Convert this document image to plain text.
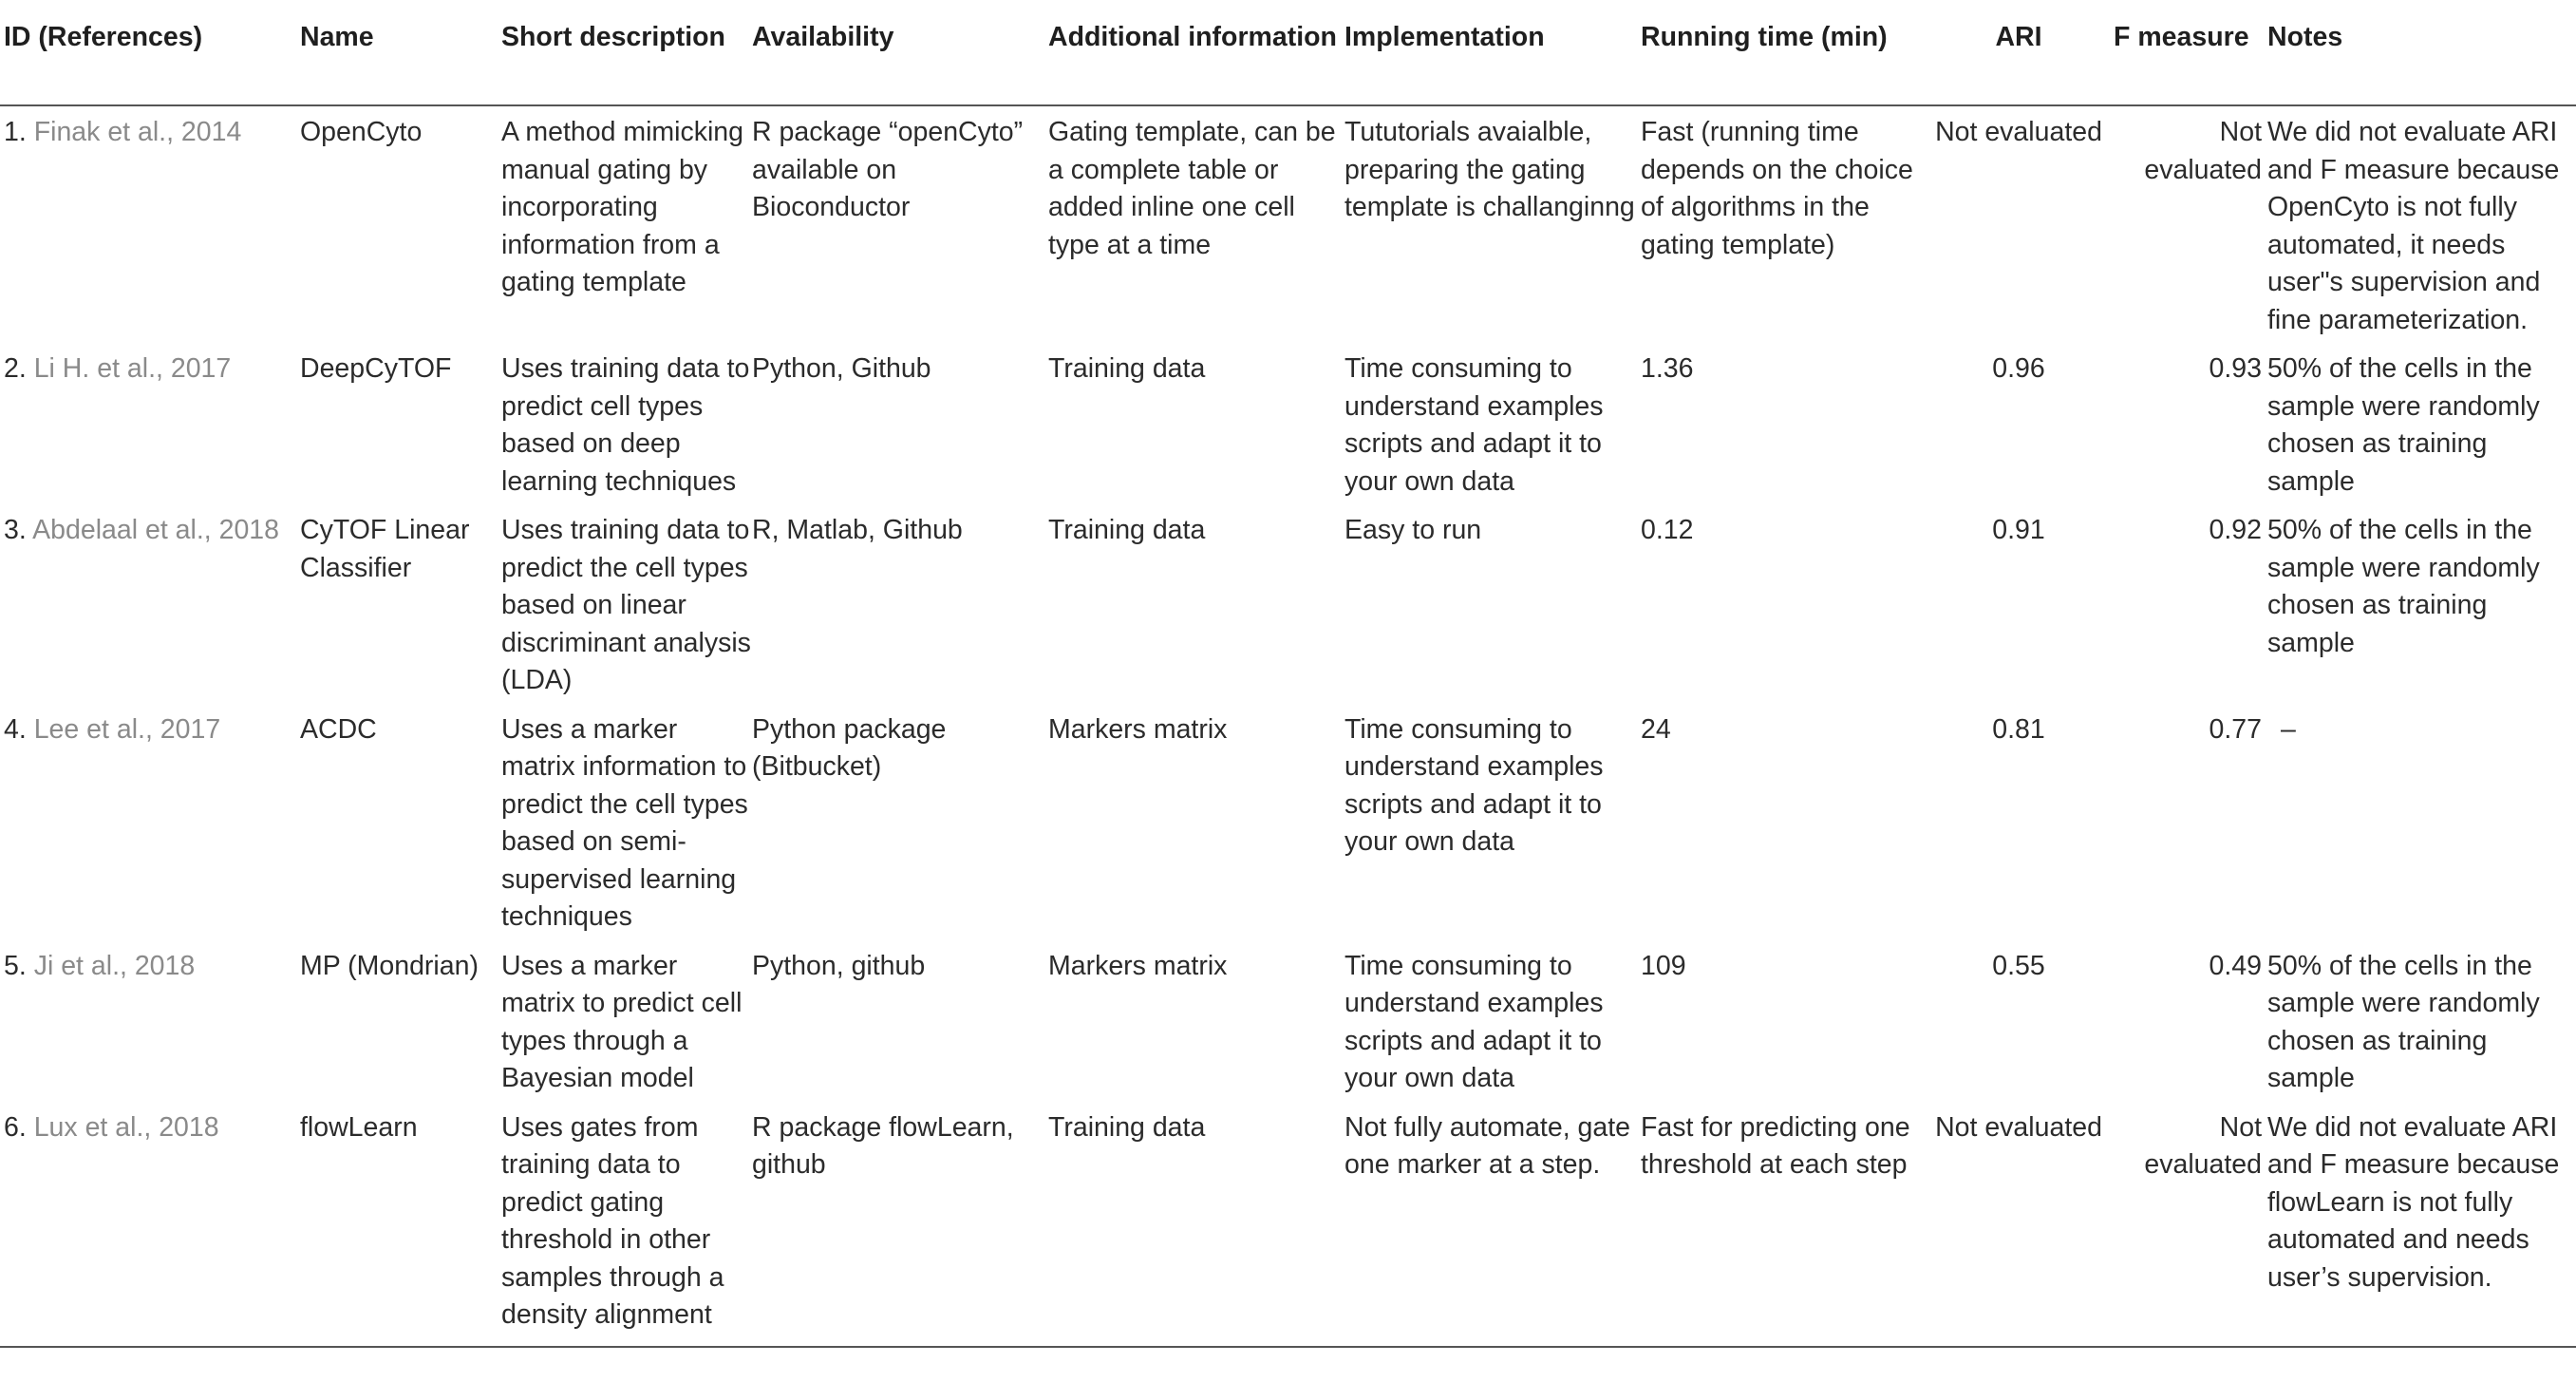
ID (References)	Name	Short description	Availability	Additional information	Implementation	Running time (min)	ARI	F measure	Notes
1. Finak et al., 2014	OpenCyto	A method mimicking manual gating by incorporating information from a gating template	R package “openCyto” available on Bioconductor	Gating template, can be a complete table or added inline one cell type at a time	Tututorials avaialble, preparing the gating template is challanginng	Fast (running time depends on the choice of algorithms in the gating template)	Not evaluated	Not evaluated	We did not evaluate ARI and F measure because OpenCyto is not fully automated, it needs user"s supervision and fine parameterization.
2. Li H. et al., 2017	DeepCyTOF	Uses training data to predict cell types based on deep learning techniques	Python, Github	Training data	Time consuming to understand examples scripts and adapt it to your own data	1.36	0.96	0.93	50% of the cells in the sample were randomly chosen as training sample
3. Abdelaal et al., 2018	CyTOF Linear Classifier	Uses training data to predict the cell types based on linear discriminant analysis (LDA)	R, Matlab, Github	Training data	Easy to run	0.12	0.91	0.92	50% of the cells in the sample were randomly chosen as training sample
4. Lee et al., 2017	ACDC	Uses a marker matrix information to predict the cell types based on semi-supervised learning techniques	Python package (Bitbucket)	Markers matrix	Time consuming to understand examples scripts and adapt it to your own data	24	0.81	0.77	–
5. Ji et al., 2018	MP (Mondrian)	Uses a marker matrix to predict cell types through a Bayesian model	Python, github	Markers matrix	Time consuming to understand examples scripts and adapt it to your own data	109	0.55	0.49	50% of the cells in the sample were randomly chosen as training sample
6. Lux et al., 2018	flowLearn	Uses gates from training data to predict gating threshold in other samples through a density alignment	R package flowLearn, github	Training data	Not fully automate, gate one marker at a step.	Fast for predicting one threshold at each step	Not evaluated	Not evaluated	We did not evaluate ARI and F measure because flowLearn is not fully automated and needs user’s supervision.
